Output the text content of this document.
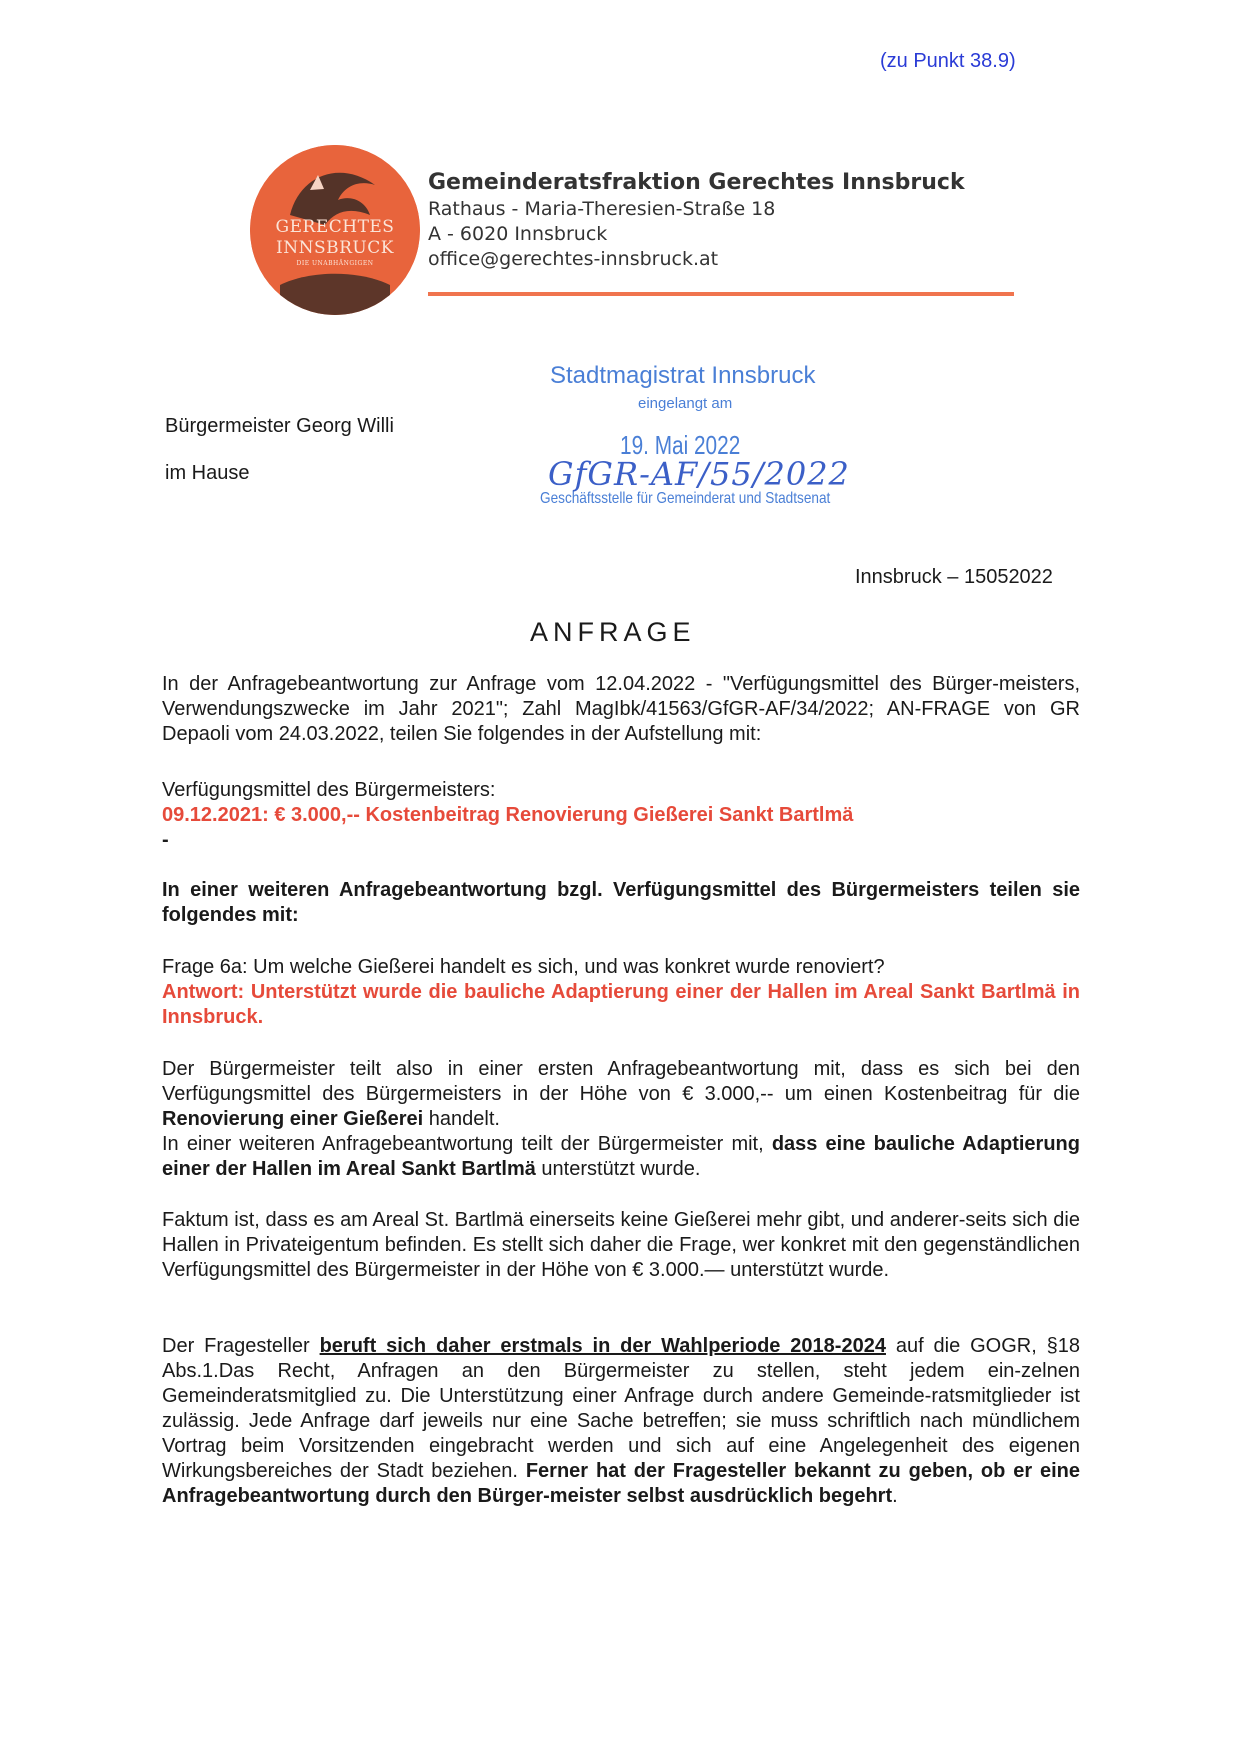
(zu Punkt 38.9)
GERECHTES
INNSBRUCK
DIE UNABHÄNGIGEN
Gemeinderatsfraktion Gerechtes Innsbruck
Rathaus - Maria-Theresien-Straße 18
A - 6020 Innsbruck
office@gerechtes-innsbruck.at
Stadtmagistrat Innsbruck
eingelangt am
19. Mai 2022
GfGR-AF/55/2022
Geschäftsstelle für Gemeinderat und Stadtsenat
Bürgermeister Georg Willi
im Hause
Innsbruck – 15052022
ANFRAGE
In der Anfragebeantwortung zur Anfrage vom 12.04.2022 - "Verfügungsmittel des Bürger-meisters, Verwendungszwecke im Jahr 2021"; Zahl MagIbk/41563/GfGR-AF/34/2022; AN-FRAGE von GR Depaoli vom 24.03.2022, teilen Sie folgendes in der Aufstellung mit:
Verfügungsmittel des Bürgermeisters:
09.12.2021: € 3.000,-- Kostenbeitrag Renovierung Gießerei Sankt Bartlmä
-
In einer weiteren Anfragebeantwortung bzgl. Verfügungsmittel des Bürgermeisters teilen sie folgendes mit:
Frage 6a: Um welche Gießerei handelt es sich, und was konkret wurde renoviert?
Antwort: Unterstützt wurde die bauliche Adaptierung einer der Hallen im Areal Sankt Bartlmä in Innsbruck.
Der Bürgermeister teilt also in einer ersten Anfragebeantwortung mit, dass es sich bei den Verfügungsmittel des Bürgermeisters in der Höhe von € 3.000,-- um einen Kostenbeitrag für die Renovierung einer Gießerei handelt.
In einer weiteren Anfragebeantwortung teilt der Bürgermeister mit, dass eine bauliche Adaptierung einer der Hallen im Areal Sankt Bartlmä unterstützt wurde.
Faktum ist, dass es am Areal St. Bartlmä einerseits keine Gießerei mehr gibt, und anderer-seits sich die Hallen in Privateigentum befinden. Es stellt sich daher die Frage, wer konkret mit den gegenständlichen Verfügungsmittel des Bürgermeister in der Höhe von € 3.000.— unterstützt wurde.
Der Fragesteller beruft sich daher erstmals in der Wahlperiode 2018-2024 auf die GOGR, §18 Abs.1.Das Recht, Anfragen an den Bürgermeister zu stellen, steht jedem ein-zelnen Gemeinderatsmitglied zu. Die Unterstützung einer Anfrage durch andere Gemeinde-ratsmitglieder ist zulässig. Jede Anfrage darf jeweils nur eine Sache betreffen; sie muss schriftlich nach mündlichem Vortrag beim Vorsitzenden eingebracht werden und sich auf eine Angelegenheit des eigenen Wirkungsbereiches der Stadt beziehen. Ferner hat der Fragesteller bekannt zu geben, ob er eine Anfragebeantwortung durch den Bürger-meister selbst ausdrücklich begehrt.
